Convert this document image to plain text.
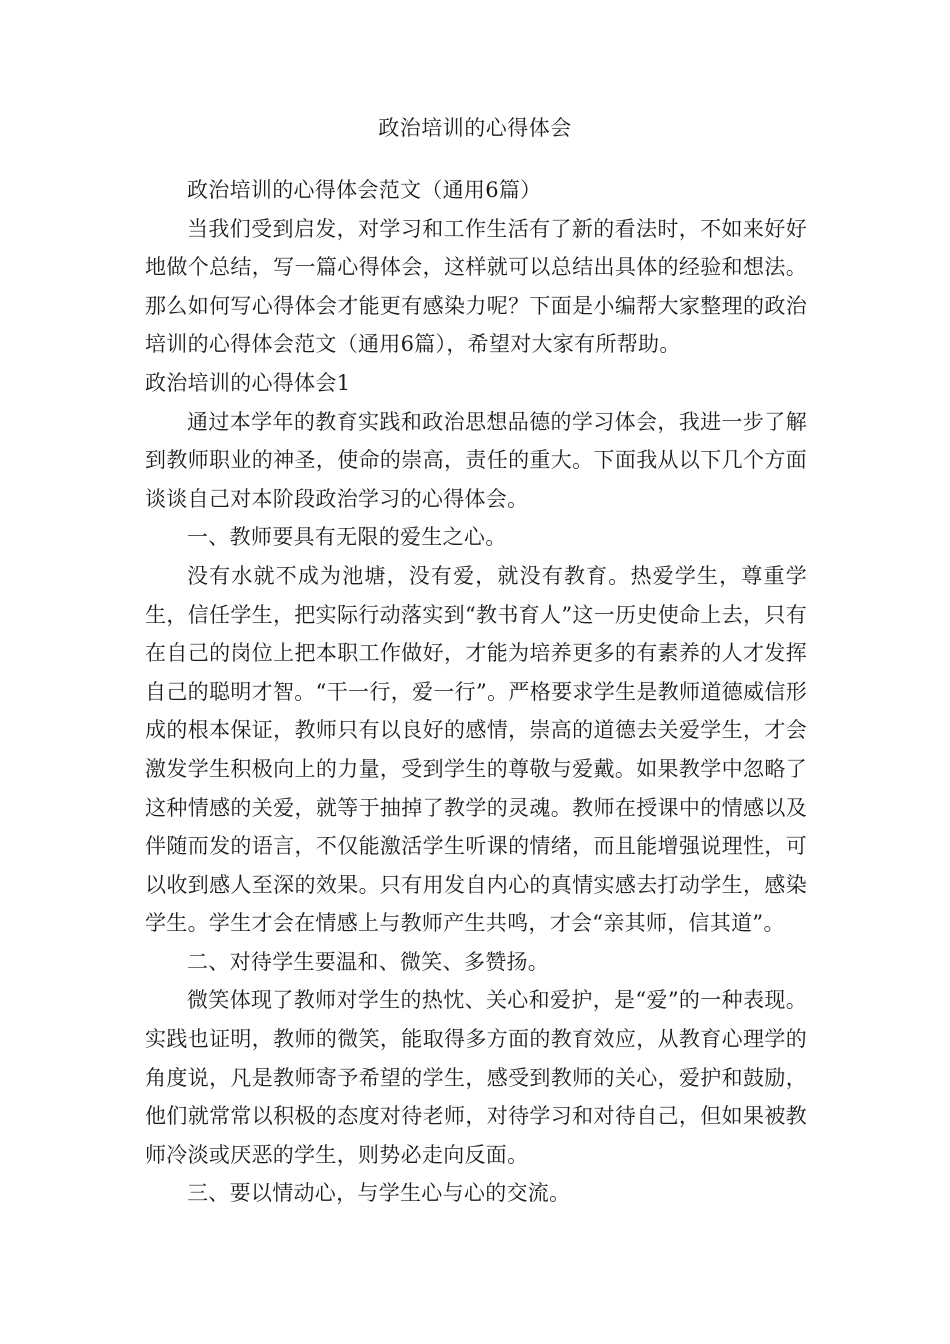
政治培训的心得体会

政治培训的心得体会范文（通用6篇）

当我们受到启发，对学习和工作生活有了新的看法时，不如来好好地做个总结，写一篇心得体会，这样就可以总结出具体的经验和想法。那么如何写心得体会才能更有感染力呢？下面是小编帮大家整理的政治培训的心得体会范文（通用6篇），希望对大家有所帮助。

政治培训的心得体会1

通过本学年的教育实践和政治思想品德的学习体会，我进一步了解到教师职业的神圣，使命的崇高，责任的重大。下面我从以下几个方面谈谈自己对本阶段政治学习的心得体会。

一、教师要具有无限的爱生之心。

没有水就不成为池塘，没有爱，就没有教育。热爱学生，尊重学生，信任学生，把实际行动落实到“教书育人”这一历史使命上去，只有在自己的岗位上把本职工作做好，才能为培养更多的有素养的人才发挥自己的聪明才智。“干一行，爱一行”。严格要求学生是教师道德威信形成的根本保证，教师只有以良好的感情，崇高的道德去关爱学生，才会激发学生积极向上的力量，受到学生的尊敬与爱戴。如果教学中忽略了这种情感的关爱，就等于抽掉了教学的灵魂。教师在授课中的情感以及伴随而发的语言，不仅能激活学生听课的情绪，而且能增强说理性，可以收到感人至深的效果。只有用发自内心的真情实感去打动学生，感染学生。学生才会在情感上与教师产生共鸣，才会“亲其师，信其道”。

二、对待学生要温和、微笑、多赞扬。

微笑体现了教师对学生的热忱、关心和爱护，是“爱”的一种表现。实践也证明，教师的微笑，能取得多方面的教育效应，从教育心理学的角度说，凡是教师寄予希望的学生，感受到教师的关心，爱护和鼓励，他们就常常以积极的态度对待老师，对待学习和对待自己，但如果被教师冷淡或厌恶的学生，则势必走向反面。

三、要以情动心，与学生心与心的交流。
